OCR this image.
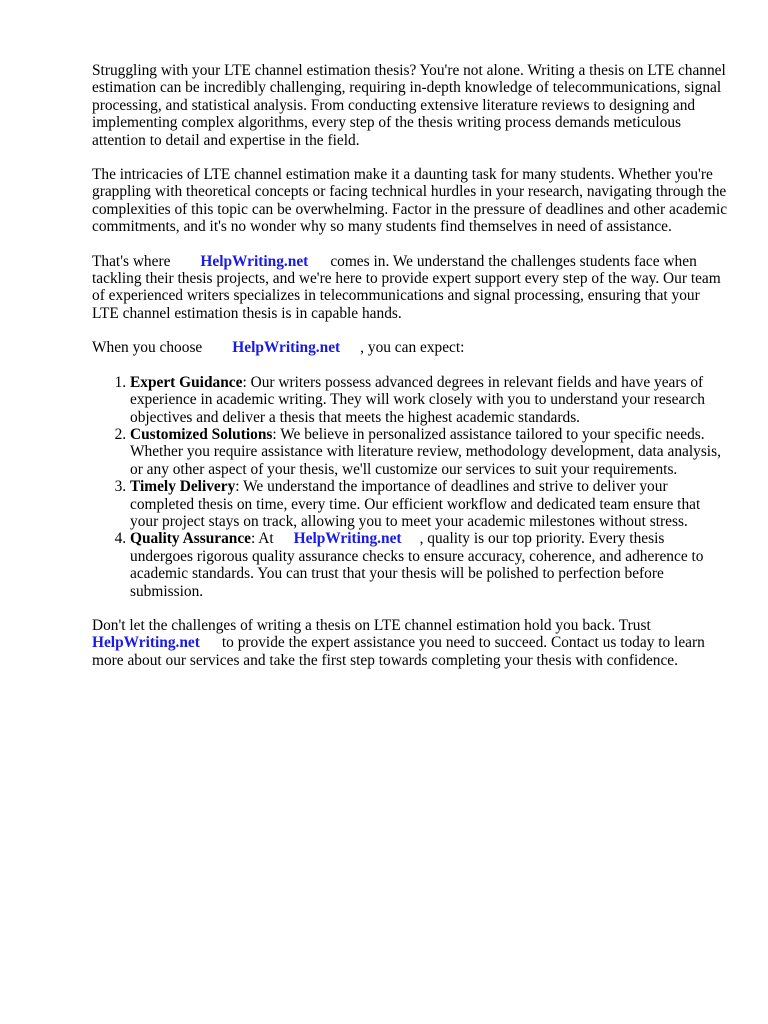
Struggling with your LTE channel estimation thesis? You're not alone. Writing a thesis on LTE channel estimation can be incredibly challenging, requiring in-depth knowledge of telecommunications, signal processing, and statistical analysis. From conducting extensive literature reviews to designing and implementing complex algorithms, every step of the thesis writing process demands meticulous attention to detail and expertise in the field.

The intricacies of LTE channel estimation make it a daunting task for many students. Whether you're grappling with theoretical concepts or facing technical hurdles in your research, navigating through the complexities of this topic can be overwhelming. Factor in the pressure of deadlines and other academic commitments, and it's no wonder why so many students find themselves in need of assistance.

That's where HelpWriting.net comes in. We understand the challenges students face when tackling their thesis projects, and we're here to provide expert support every step of the way. Our team of experienced writers specializes in telecommunications and signal processing, ensuring that your LTE channel estimation thesis is in capable hands.

When you choose HelpWriting.net , you can expect:

1. Expert Guidance: Our writers possess advanced degrees in relevant fields and have years of experience in academic writing. They will work closely with you to understand your research objectives and deliver a thesis that meets the highest academic standards.
2. Customized Solutions: We believe in personalized assistance tailored to your specific needs. Whether you require assistance with literature review, methodology development, data analysis, or any other aspect of your thesis, we'll customize our services to suit your requirements.
3. Timely Delivery: We understand the importance of deadlines and strive to deliver your completed thesis on time, every time. Our efficient workflow and dedicated team ensure that your project stays on track, allowing you to meet your academic milestones without stress.
4. Quality Assurance: At HelpWriting.net , quality is our top priority. Every thesis undergoes rigorous quality assurance checks to ensure accuracy, coherence, and adherence to academic standards. You can trust that your thesis will be polished to perfection before submission.

Don't let the challenges of writing a thesis on LTE channel estimation hold you back. Trust HelpWriting.net to provide the expert assistance you need to succeed. Contact us today to learn more about our services and take the first step towards completing your thesis with confidence.
